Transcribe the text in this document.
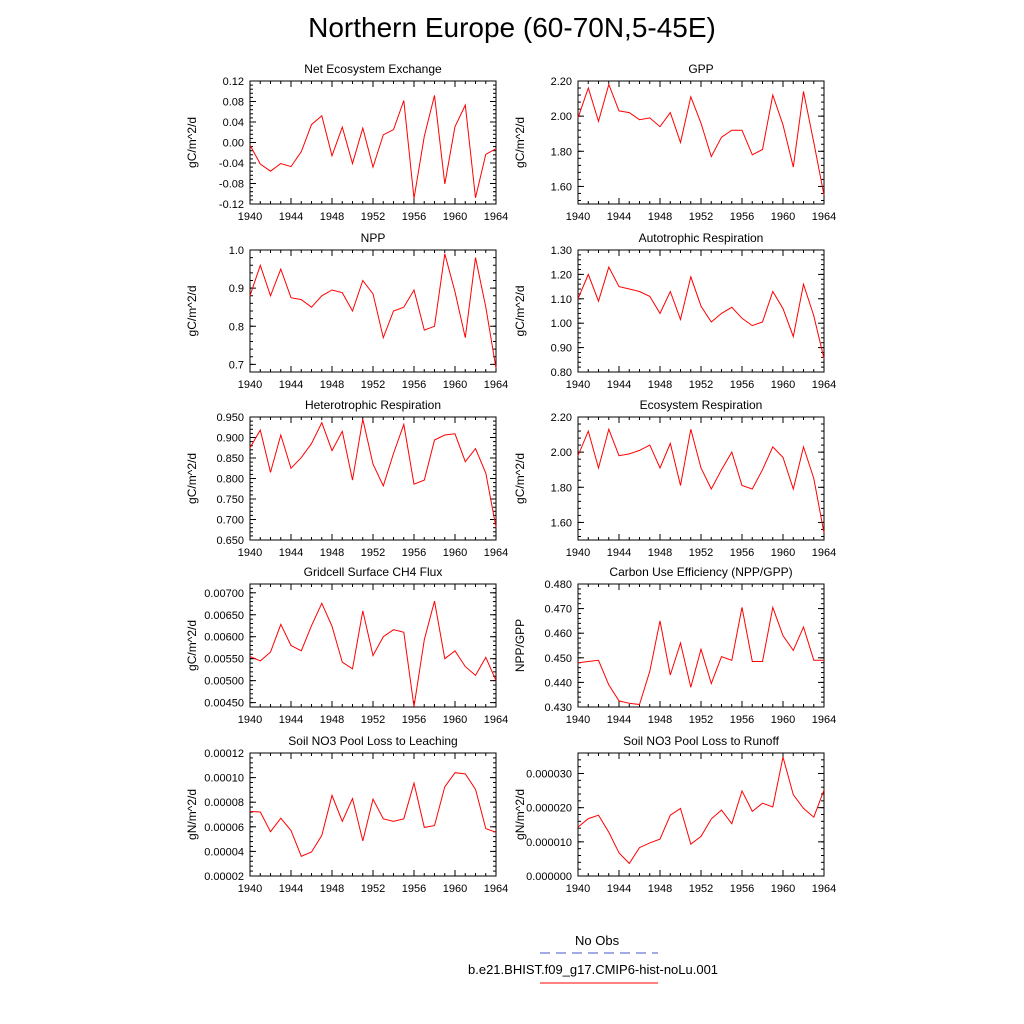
Northern Europe (60-70N,5-45E)
Net Ecosystem Exchange
gC/m^2/d
1940 1944 1948 1952 1956 1960 1964
-0.12
-0.08
-0.04
0.00
0.04
0.08
0.12
GPP
gC/m^2/d
1940 1944 1948 1952 1956 1960 1964
1.60
1.80
2.00
2.20
NPP
gC/m^2/d
1940 1944 1948 1952 1956 1960 1964
0.7
0.8
0.9
1.0
Autotrophic Respiration
gC/m^2/d
1940 1944 1948 1952 1956 1960 1964
0.80
0.90
1.00
1.10
1.20
1.30
Heterotrophic Respiration
gC/m^2/d
1940 1944 1948 1952 1956 1960 1964
0.650
0.700
0.750
0.800
0.850
0.900
0.950
Ecosystem Respiration
gC/m^2/d
1940 1944 1948 1952 1956 1960 1964
1.60
1.80
2.00
2.20
Gridcell Surface CH4 Flux
gC/m^2/d
1940 1944 1948 1952 1956 1960 1964
0.00450
0.00500
0.00550
0.00600
0.00650
0.00700
Carbon Use Efficiency (NPP/GPP)
NPP/GPP
1940 1944 1948 1952 1956 1960 1964
0.430
0.440
0.450
0.460
0.470
0.480
Soil NO3 Pool Loss to Leaching
gN/m^2/d
1940 1944 1948 1952 1956 1960 1964
0.00002
0.00004
0.00006
0.00008
0.00010
0.00012
Soil NO3 Pool Loss to Runoff
gN/m^2/d
1940 1944 1948 1952 1956 1960 1964
0.000000
0.000010
0.000020
0.000030
No Obs
b.e21.BHIST.f09_g17.CMIP6-hist-noLu.001
